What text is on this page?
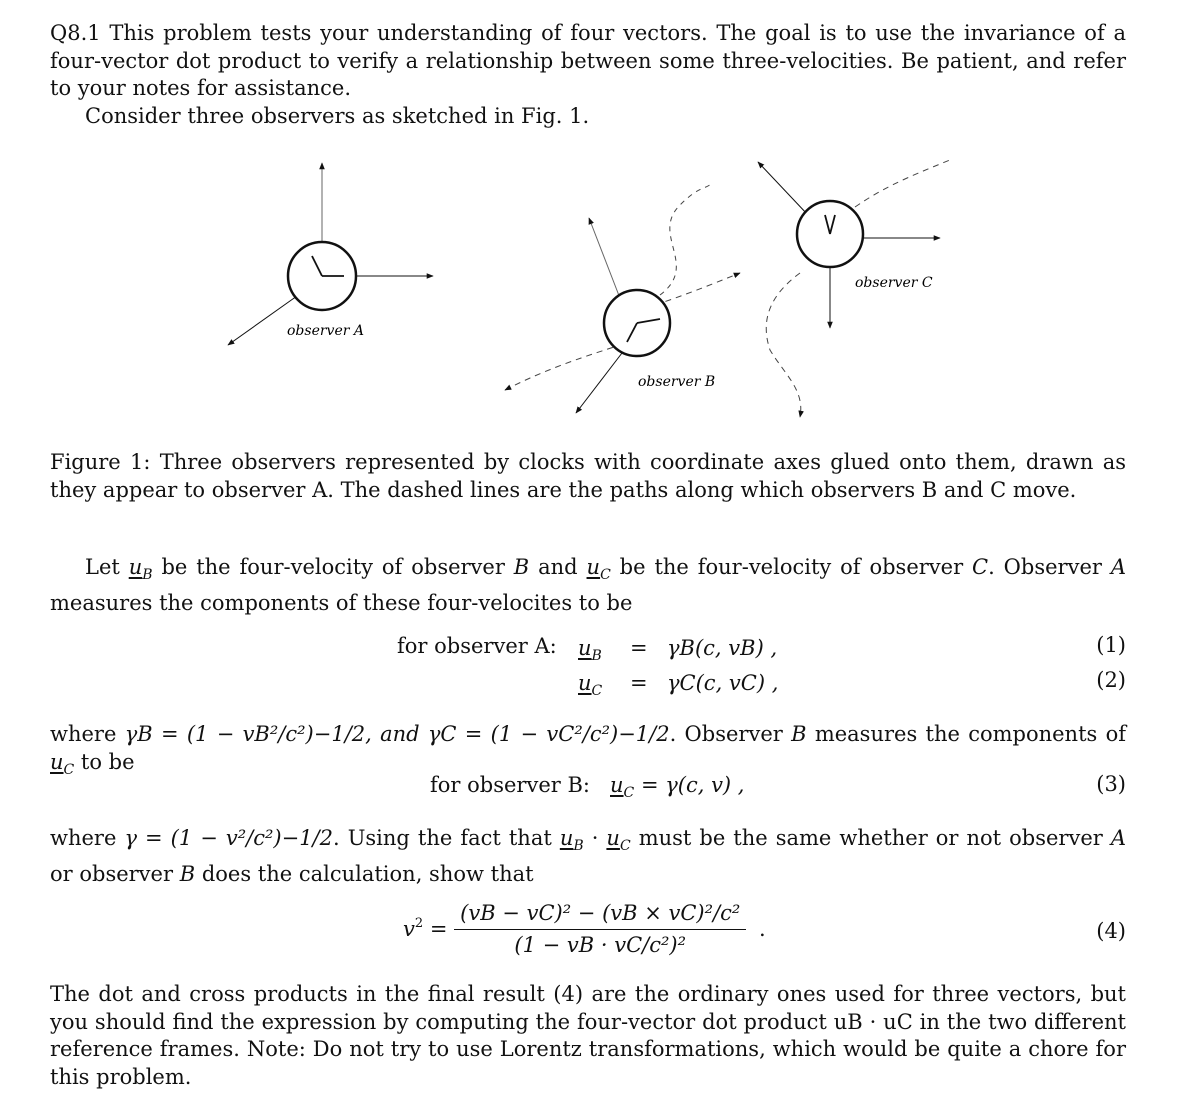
Q8.1 This problem tests your understanding of four vectors. The goal is to use the invariance of a four-vector dot product to verify a relationship between some three-velocities. Be patient, and refer to your notes for assistance.

Consider three observers as sketched in Fig. 1.

observer A
observer B
observer C

Figure 1: Three observers represented by clocks with coordinate axes glued onto them, drawn as they appear to observer A. The dashed lines are the paths along which observers B and C move.

Let $u_B$ be the four-velocity of observer B and $u_C$ be the four-velocity of observer C. Observer A measures the components of these four-velocites to be

for observer A: $u_B = \gamma B(c$, vB) ,	(1)
$u_C = \gamma C(c$, vC) ,	(2)

where γB = (1 − vB²/c²)−1/2, and γC = (1 − vC²/c²)−1/2. Observer B measures the components of $u_C$ to be

for observer B: $u_C = \gamma(c$, v) ,	(3)

where γ = (1 − v²/c²)−1/2. Using the fact that $u_B \cdot u_C$ must be the same whether or not observer A or observer B does the calculation, show that

$v^2 = \frac{\text{(vB − vC)² − (vB × vC)²/c²}}{\text{(1 − vB · vC/c²)²}}$ .	(4)

The dot and cross products in the final result (4) are the ordinary ones used for three vectors, but you should find the expression by computing the four-vector dot product uB · uC in the two different reference frames. Note: Do not try to use Lorentz transformations, which would be quite a chore for this problem.
